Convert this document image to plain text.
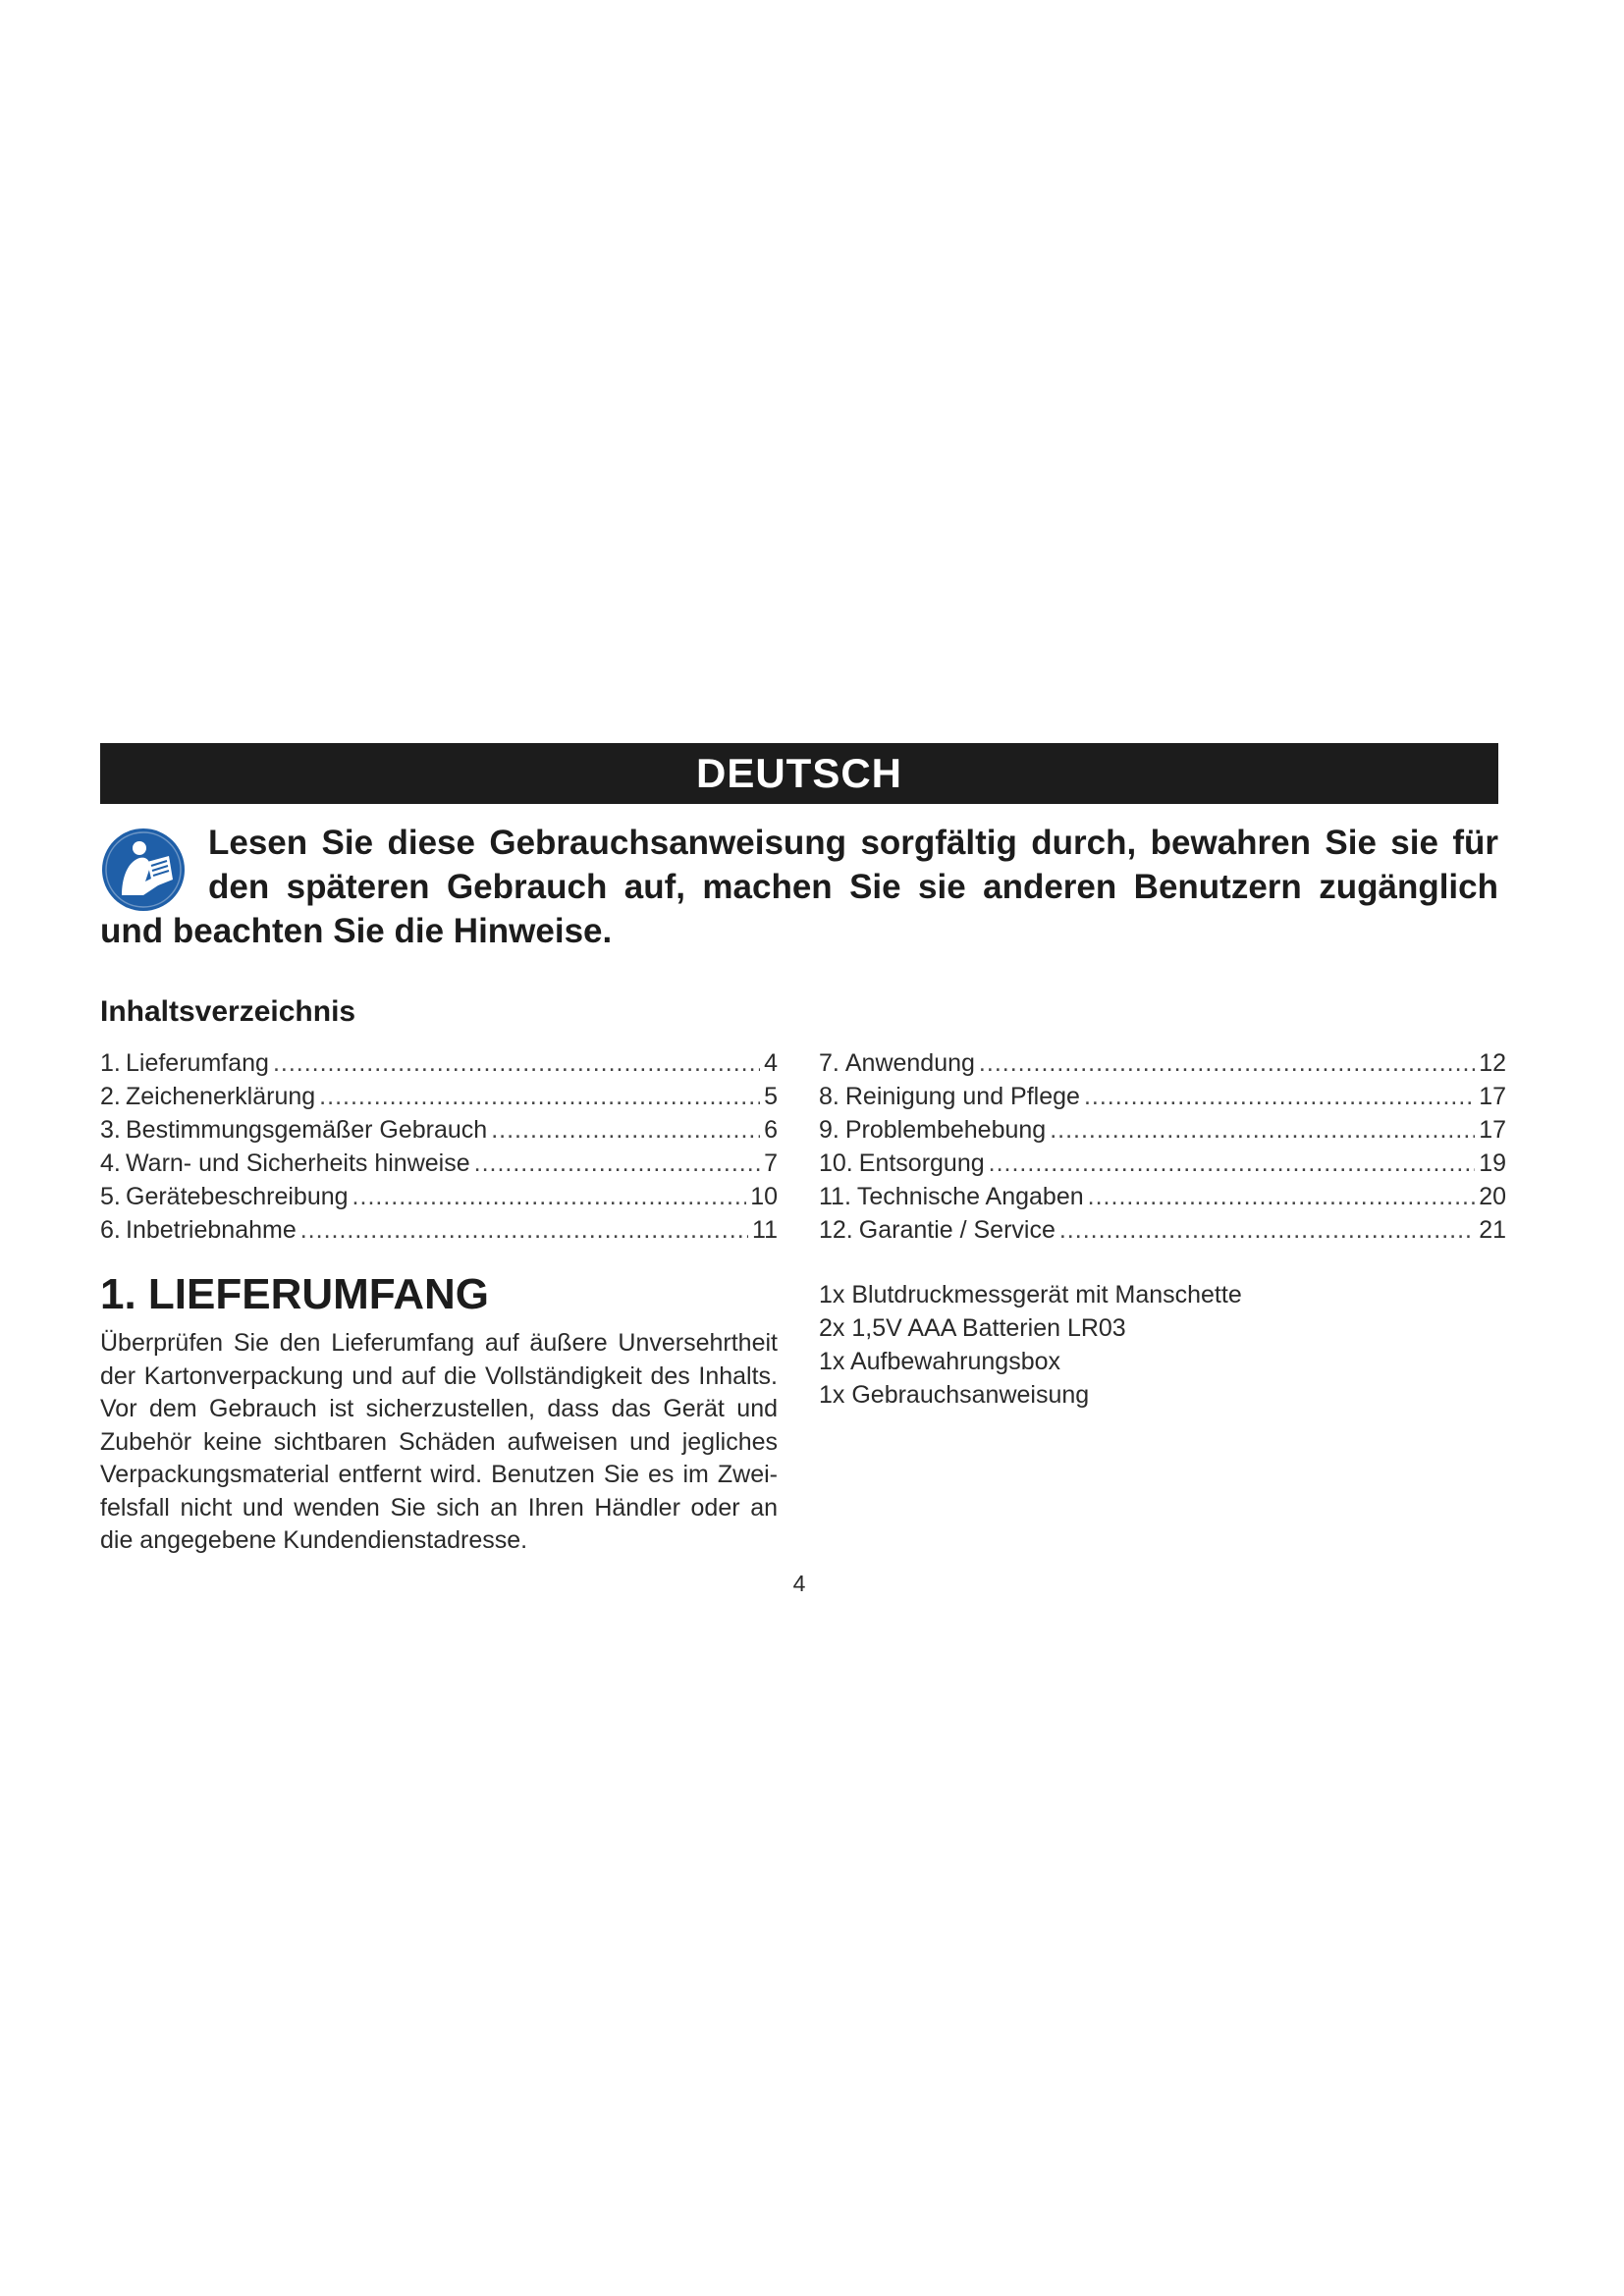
DEUTSCH

Lesen Sie diese Gebrauchsanweisung sorgfältig durch, bewahren Sie sie für den späteren Gebrauch auf, machen Sie sie anderen Benutzern zugänglich und beachten Sie die Hinweise.

Inhaltsverzeichnis
1. Lieferumfang .....	4
2. Zeichenerklärung .....	5
3. Bestimmungsgemäßer Gebrauch .....	6
4. Warn- und Sicherheits hinweise .....	7
5. Gerätebeschreibung .....	10
6. Inbetriebnahme .....	11
7. Anwendung .....	12
8. Reinigung und Pflege .....	17
9. Problembehebung .....	17
10. Entsorgung .....	19
11. Technische Angaben .....	20
12. Garantie / Service .....	21
1. LIEFERUMFANG

Überprüfen Sie den Lieferumfang auf äußere Unversehrtheit der Kartonverpackung und auf die Vollständigkeit des Inhalts. Vor dem Gebrauch ist sicherzustellen, dass das Gerät und Zubehör keine sichtbaren Schäden aufweisen und jegliches Verpackungsmaterial entfernt wird. Benutzen Sie es im Zweifelsfall nicht und wenden Sie sich an Ihren Händler oder an die angegebene Kundendienstadresse.

1x Blutdruckmessgerät mit Manschette
2x 1,5V AAA Batterien LR03
1x Aufbewahrungsbox
1x Gebrauchsanweisung
4
